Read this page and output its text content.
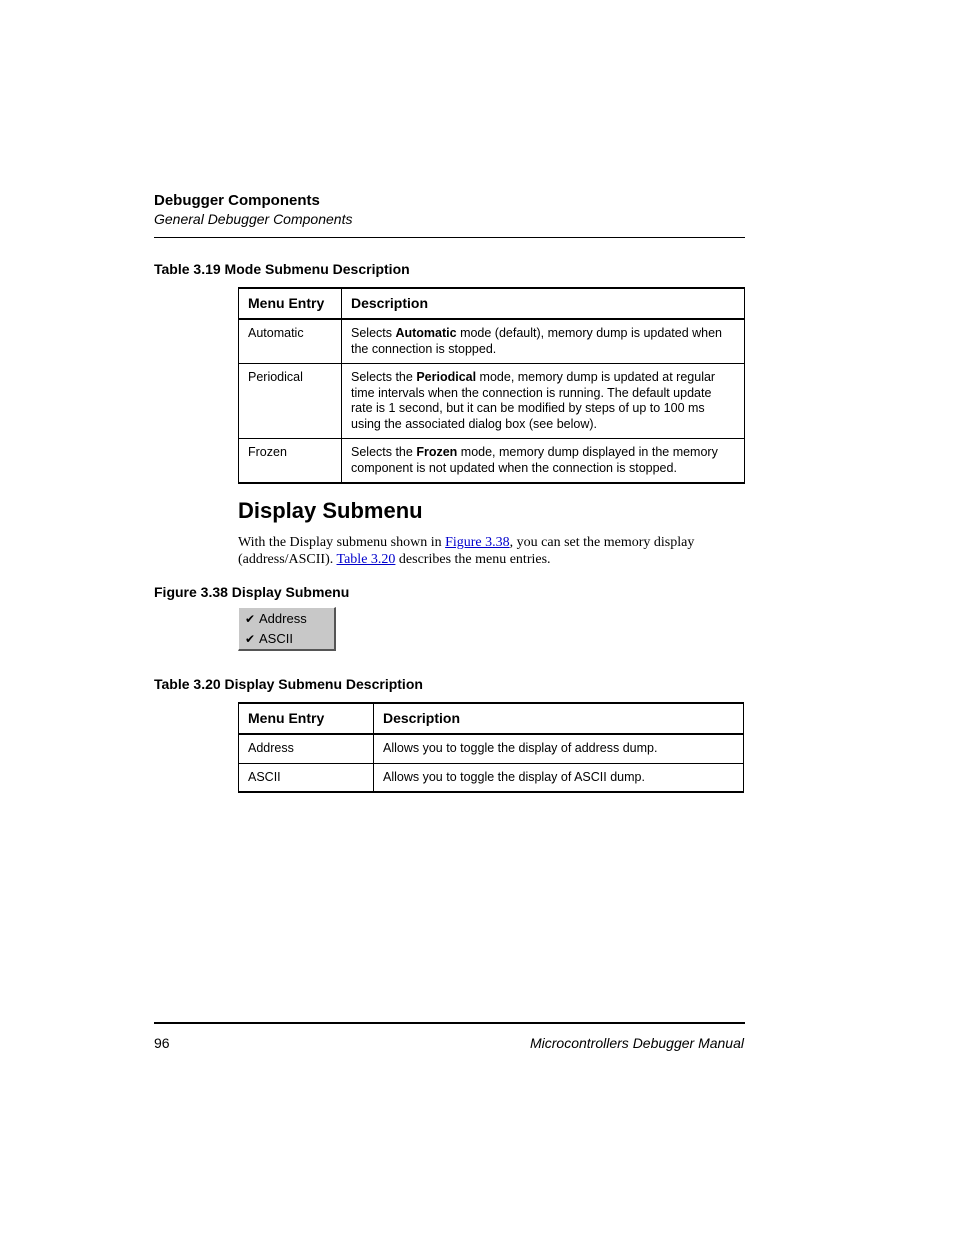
Debugger Components
General Debugger Components
Table 3.19 Mode Submenu Description
Menu Entry	Description
Automatic	Selects Automatic mode (default), memory dump is updated when the connection is stopped.
Periodical	Selects the Periodical mode, memory dump is updated at regular time intervals when the connection is running. The default update rate is 1 second, but it can be modified by steps of up to 100 ms using the associated dialog box (see below).
Frozen	Selects the Frozen mode, memory dump displayed in the memory component is not updated when the connection is stopped.
Display Submenu
With the Display submenu shown in Figure 3.38, you can set the memory display (address/ASCII). Table 3.20 describes the menu entries.
Figure 3.38 Display Submenu
✔ Address
✔ ASCII
Table 3.20 Display Submenu Description
Menu Entry	Description
Address	Allows you to toggle the display of address dump.
ASCII	Allows you to toggle the display of ASCII dump.
96	Microcontrollers Debugger Manual
